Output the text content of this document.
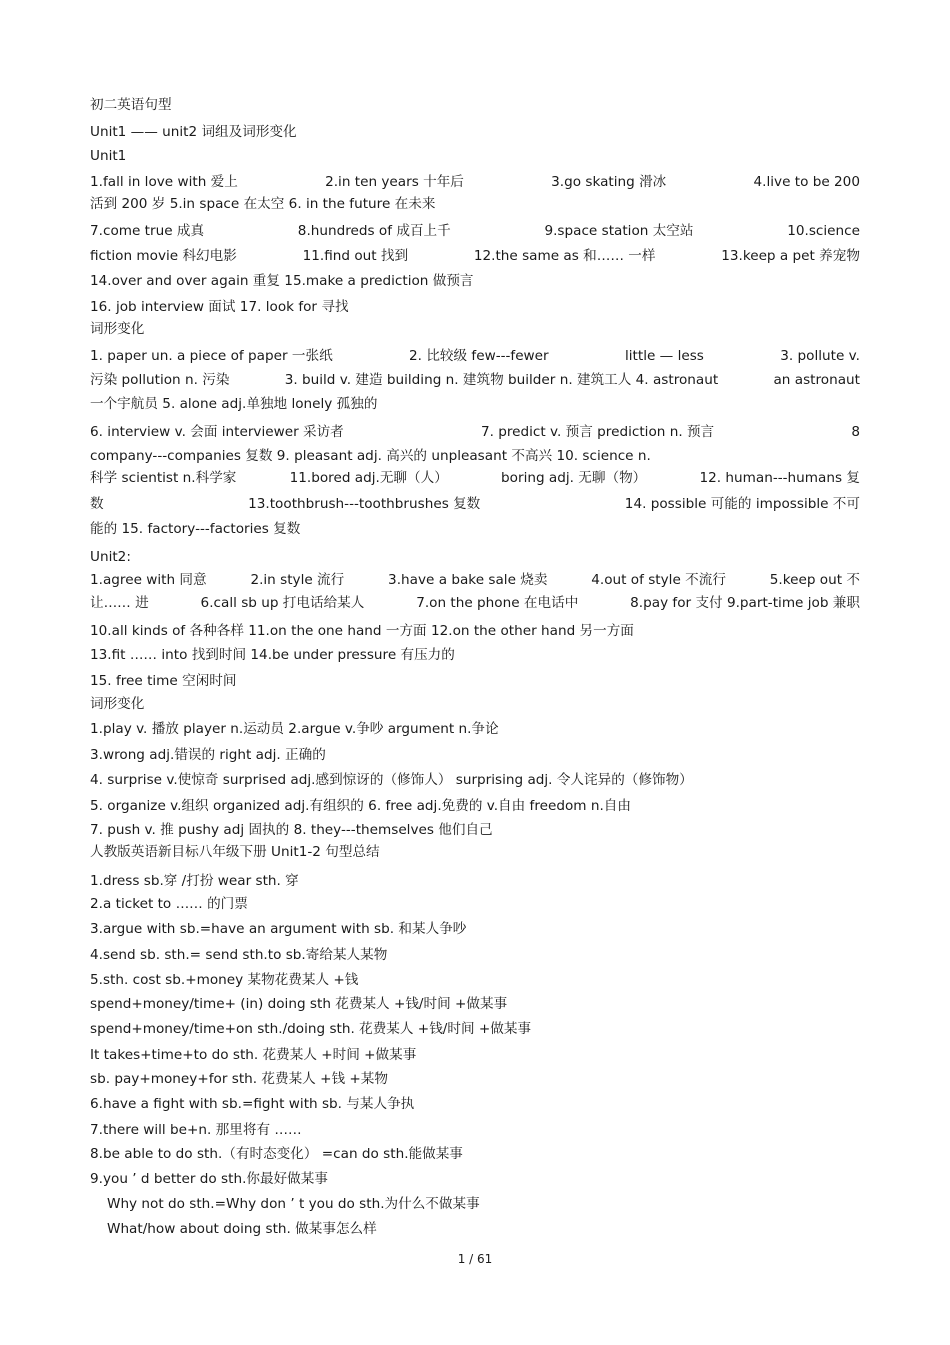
初二英语句型
Unit1 —— unit2 词组及词形变化
Unit1
1.fall in love with 爱上	2.in ten years 十年后	3.go skating 滑冰	4.live to be 200
活到 200 岁 5.in space 在太空 6. in the future 在未来
7.come true 成真	8.hundreds of 成百上千	9.space station 太空站	10.science
fiction movie 科幻电影	11.find out 找到	12.the same as 和…… 一样	13.keep a pet 养宠物
14.over and over again 重复 15.make a prediction 做预言
16. job interview 面试 17. look for 寻找
词形变化
1. paper un. a piece of paper 一张纸	2. 比较级 few---fewer	little — less	3. pollute v.
污染 pollution n. 污染	3. build v. 建造 building n. 建筑物 builder n. 建筑工人 4. astronaut	an astronaut
一个宇航员 5. alone adj.单独地 lonely 孤独的
6. interview v. 会面 interviewer 采访者	7. predict v. 预言 prediction n. 预言	8
company---companies 复数 9. pleasant adj. 高兴的 unpleasant 不高兴 10. science n.
科学 scientist n.科学家	11.bored adj.无聊（人）	boring adj. 无聊（物）	12. human---humans 复
数	13.toothbrush---toothbrushes 复数	14. possible 可能的 impossible 不可
能的 15. factory---factories 复数
Unit2:
1.agree with 同意	2.in style 流行	3.have a bake sale 烧卖	4.out of style 不流行	5.keep out 不
让…… 进	6.call sb up 打电话给某人	7.on the phone 在电话中	8.pay for 支付 9.part-time job 兼职
10.all kinds of 各种各样 11.on the one hand 一方面 12.on the other hand 另一方面
13.fit …… into 找到时间 14.be under pressure 有压力的
15. free time 空闲时间
词形变化
1.play v. 播放 player n.运动员 2.argue v.争吵 argument n.争论
3.wrong adj.错误的 right adj. 正确的
4. surprise v.使惊奇 surprised adj.感到惊讶的（修饰人） surprising adj. 令人诧异的（修饰物）
5. organize v.组织 organized adj.有组织的 6. free adj.免费的 v.自由 freedom n.自由
7. push v. 推 pushy adj 固执的 8. they---themselves 他们自己
人教版英语新目标八年级下册 Unit1-2 句型总结
1.dress sb.穿 /打扮 wear sth. 穿
2.a ticket to …… 的门票
3.argue with sb.=have an argument with sb. 和某人争吵
4.send sb. sth.= send sth.to sb.寄给某人某物
5.sth. cost sb.+money 某物花费某人 +钱
spend+money/time+ (in) doing sth 花费某人 +钱/时间 +做某事
spend+money/time+on sth./doing sth. 花费某人 +钱/时间 +做某事
It takes+time+to do sth. 花费某人 +时间 +做某事
sb. pay+money+for sth. 花费某人 +钱 +某物
6.have a fight with sb.=fight with sb. 与某人争执
7.there will be+n. 那里将有 ……
8.be able to do sth.（有时态变化） =can do sth.能做某事
9.you ’ d better do sth.你最好做某事
Why not do sth.=Why don ’ t you do sth.为什么不做某事
What/how about doing sth. 做某事怎么样
1 / 61
